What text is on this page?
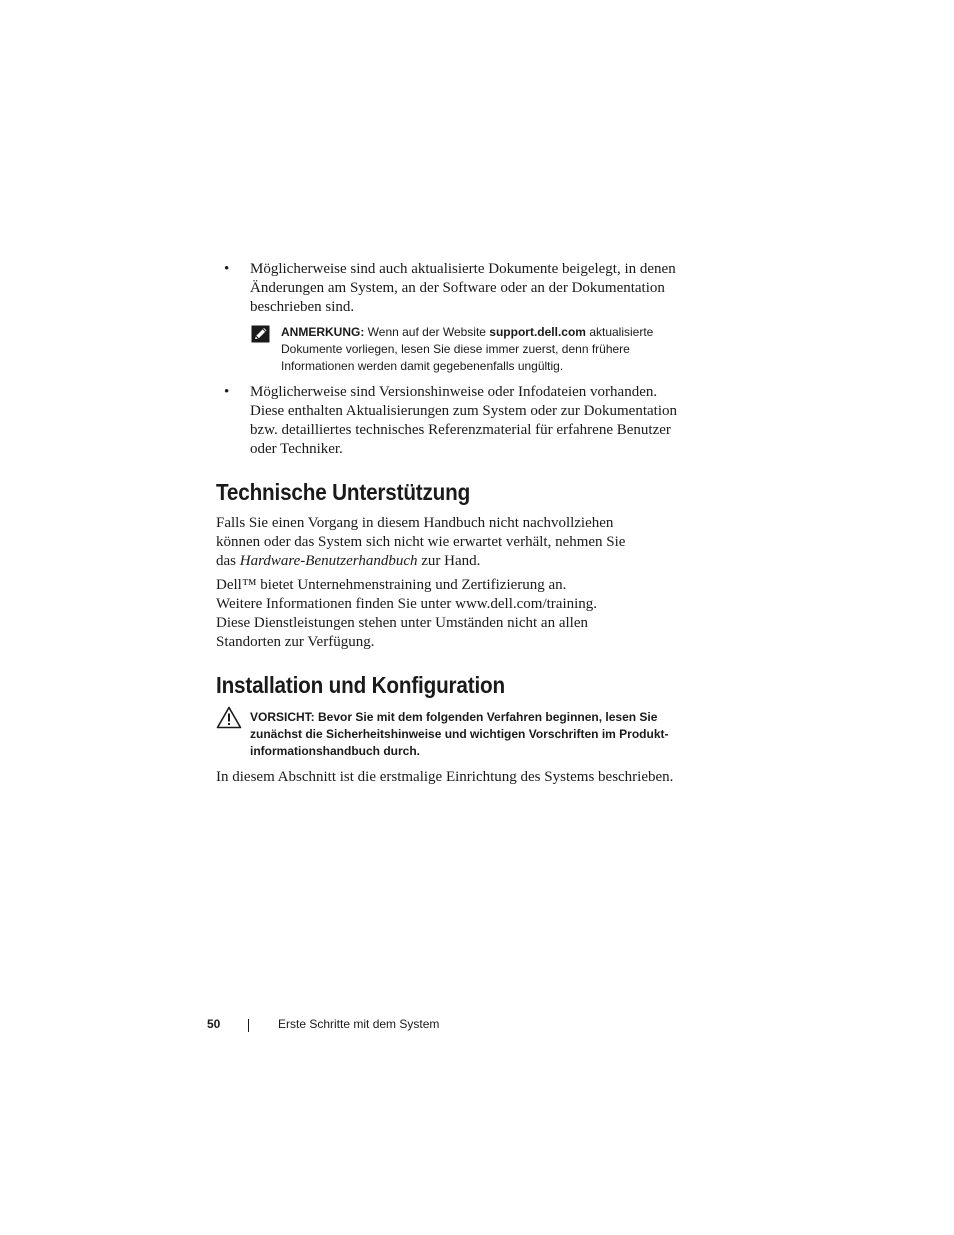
• Möglicherweise sind auch aktualisierte Dokumente beigelegt, in denen
Änderungen am System, an der Software oder an der Dokumentation
beschrieben sind.
ANMERKUNG: Wenn auf der Website support.dell.com aktualisierte
Dokumente vorliegen, lesen Sie diese immer zuerst, denn frühere
Informationen werden damit gegebenenfalls ungültig.
• Möglicherweise sind Versionshinweise oder Infodateien vorhanden.
Diese enthalten Aktualisierungen zum System oder zur Dokumentation
bzw. detailliertes technisches Referenzmaterial für erfahrene Benutzer
oder Techniker.
Technische Unterstützung
Falls Sie einen Vorgang in diesem Handbuch nicht nachvollziehen
können oder das System sich nicht wie erwartet verhält, nehmen Sie
das Hardware-Benutzerhandbuch zur Hand.
Dell™ bietet Unternehmenstraining und Zertifizierung an.
Weitere Informationen finden Sie unter www.dell.com/training.
Diese Dienstleistungen stehen unter Umständen nicht an allen
Standorten zur Verfügung.
Installation und Konfiguration
VORSICHT: Bevor Sie mit dem folgenden Verfahren beginnen, lesen Sie
zunächst die Sicherheitshinweise und wichtigen Vorschriften im Produkt-
informationshandbuch durch.
In diesem Abschnitt ist die erstmalige Einrichtung des Systems beschrieben.
50	Erste Schritte mit dem System
